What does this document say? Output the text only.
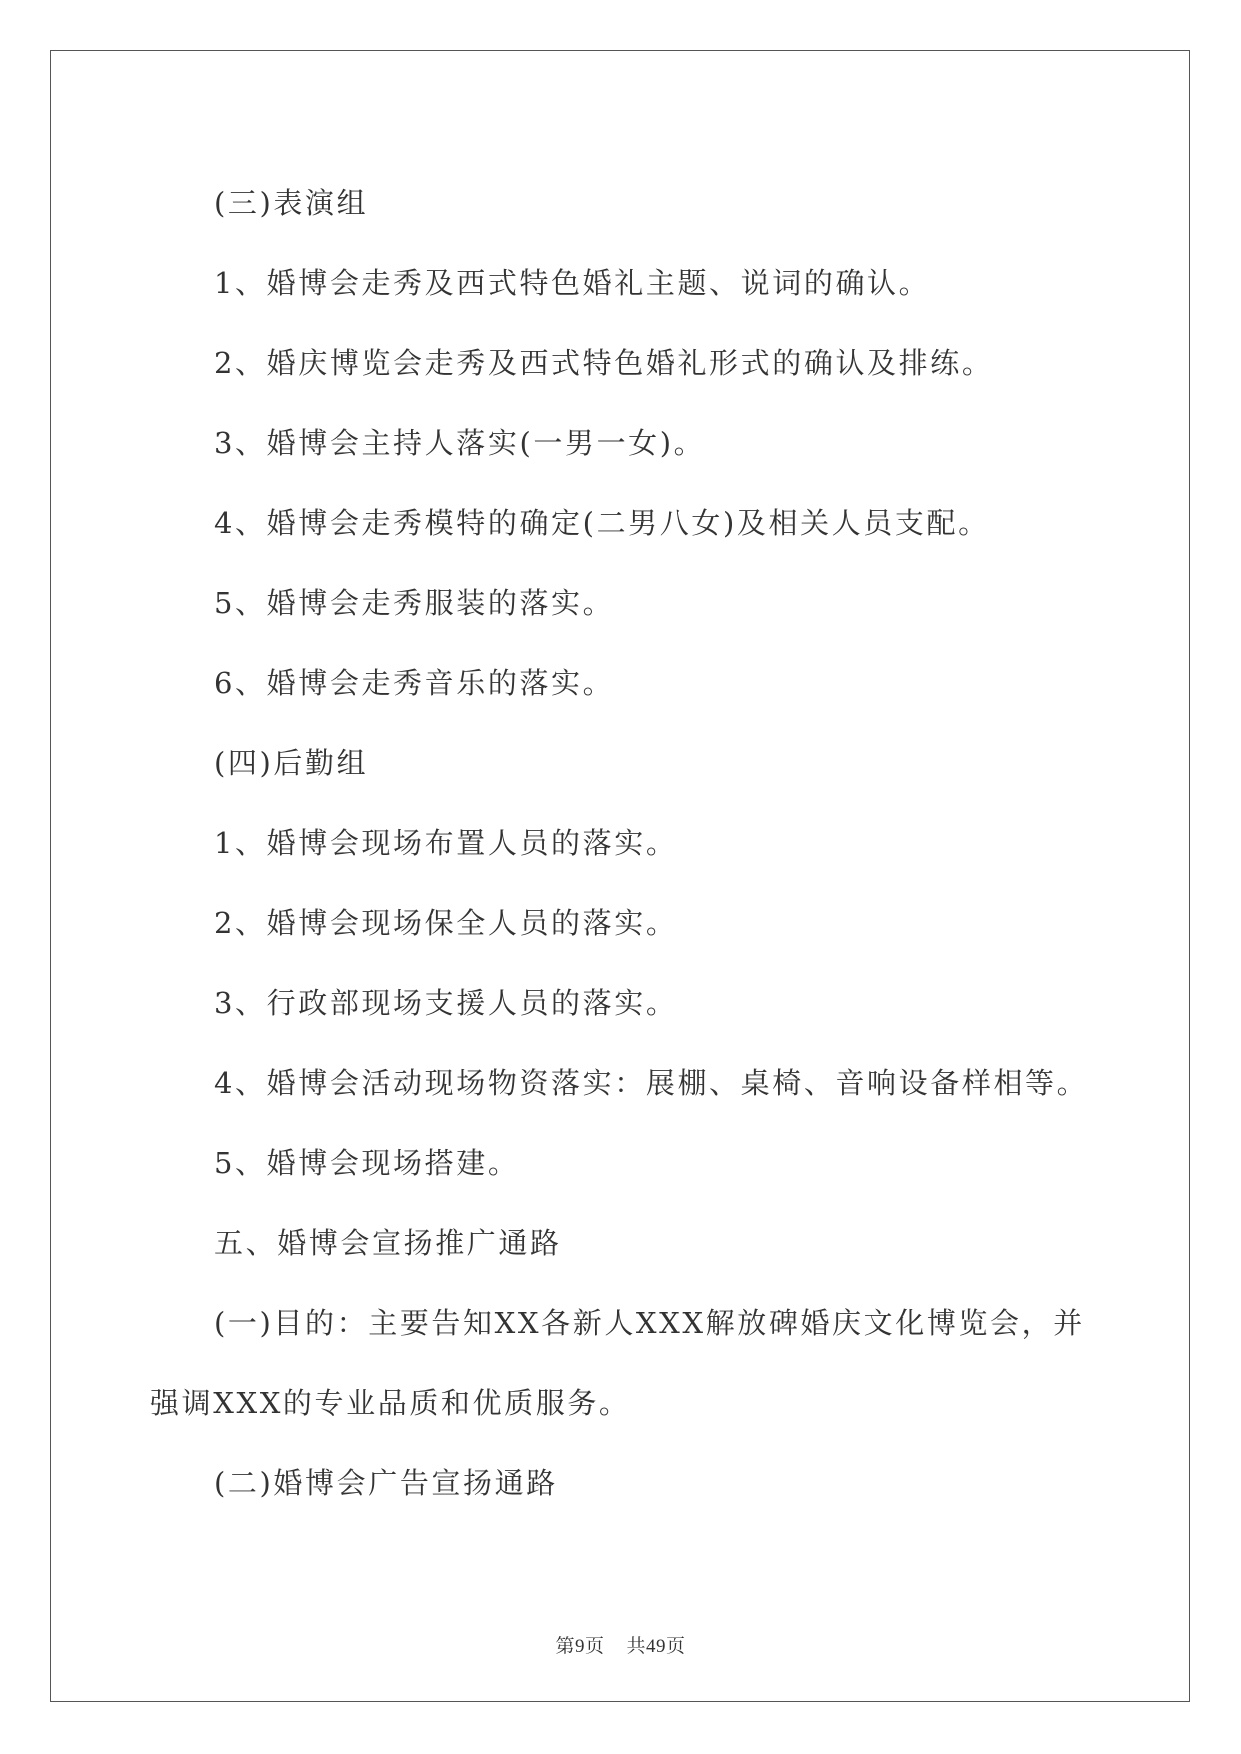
(三)表演组

1、婚博会走秀及西式特色婚礼主题、说词的确认。

2、婚庆博览会走秀及西式特色婚礼形式的确认及排练。

3、婚博会主持人落实(一男一女)。

4、婚博会走秀模特的确定(二男八女)及相关人员支配。

5、婚博会走秀服装的落实。

6、婚博会走秀音乐的落实。

(四)后勤组

1、婚博会现场布置人员的落实。

2、婚博会现场保全人员的落实。

3、行政部现场支援人员的落实。

4、婚博会活动现场物资落实：展棚、桌椅、音响设备样相等。

5、婚博会现场搭建。

五、婚博会宣扬推广通路

(一)目的：主要告知XX各新人XXX解放碑婚庆文化博览会，并强调XXX的专业品质和优质服务。

(二)婚博会广告宣扬通路

第9页 共49页
